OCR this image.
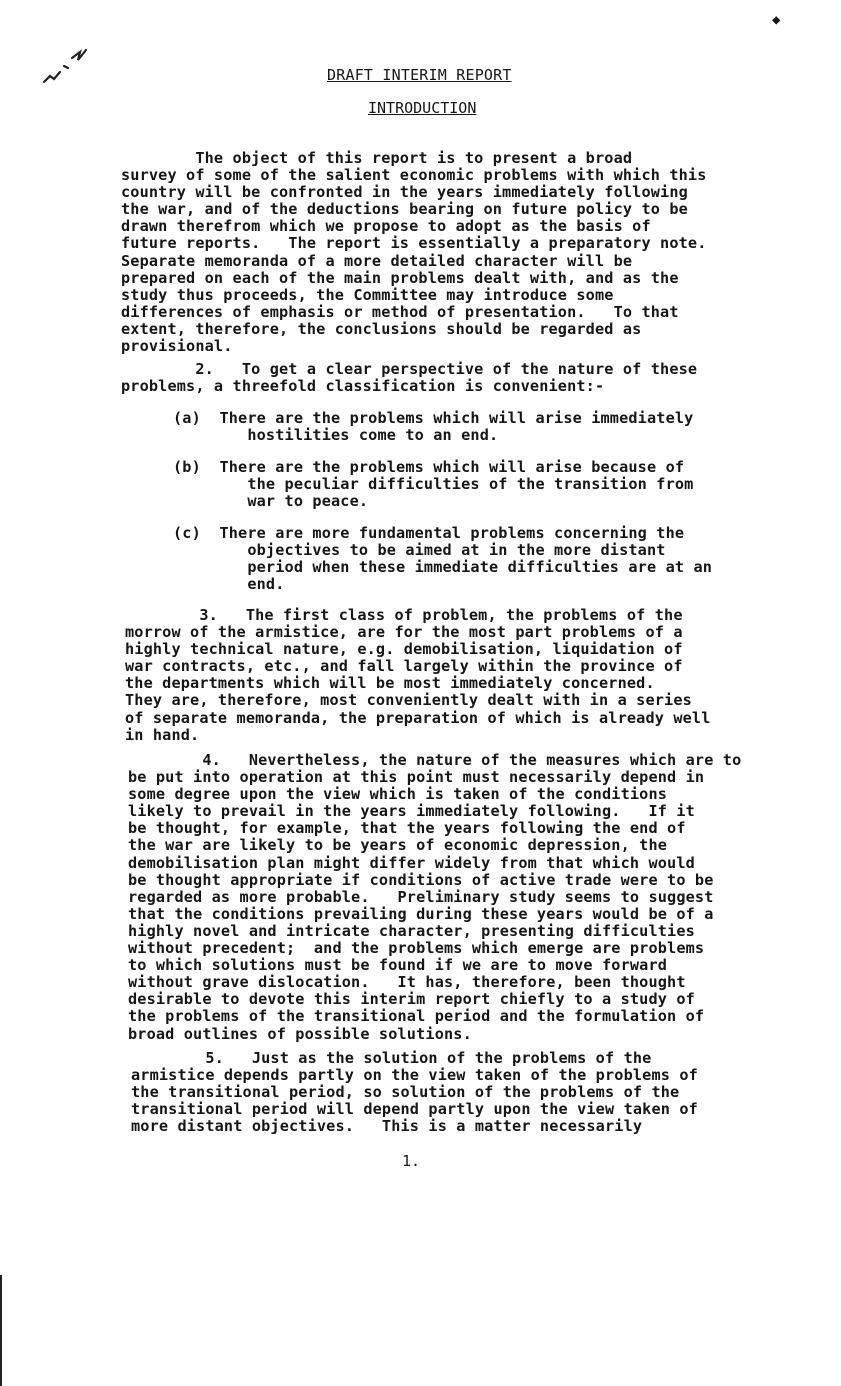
◆
DRAFT INTERIM REPORT
INTRODUCTION
The object of this report is to present a broad
survey of some of the salient economic problems with which this
country will be confronted in the years immediately following
the war, and of the deductions bearing on future policy to be
drawn therefrom which we propose to adopt as the basis of
future reports.   The report is essentially a preparatory note.
Separate memoranda of a more detailed character will be
prepared on each of the main problems dealt with, and as the
study thus proceeds, the Committee may introduce some
differences of emphasis or method of presentation.   To that
extent, therefore, the conclusions should be regarded as
provisional.
2.   To get a clear perspective of the nature of these
problems, a threefold classification is convenient:-
(a)  There are the problems which will arise immediately
hostilities come to an end.
(b)  There are the problems which will arise because of
the peculiar difficulties of the transition from
war to peace.
(c)  There are more fundamental problems concerning the
objectives to be aimed at in the more distant
period when these immediate difficulties are at an
end.
3.   The first class of problem, the problems of the
morrow of the armistice, are for the most part problems of a
highly technical nature, e.g. demobilisation, liquidation of
war contracts, etc., and fall largely within the province of
the departments which will be most immediately concerned.
They are, therefore, most conveniently dealt with in a series
of separate memoranda, the preparation of which is already well
in hand.
4.   Nevertheless, the nature of the measures which are to
be put into operation at this point must necessarily depend in
some degree upon the view which is taken of the conditions
likely to prevail in the years immediately following.   If it
be thought, for example, that the years following the end of
the war are likely to be years of economic depression, the
demobilisation plan might differ widely from that which would
be thought appropriate if conditions of active trade were to be
regarded as more probable.   Preliminary study seems to suggest
that the conditions prevailing during these years would be of a
highly novel and intricate character, presenting difficulties
without precedent;  and the problems which emerge are problems
to which solutions must be found if we are to move forward
without grave dislocation.   It has, therefore, been thought
desirable to devote this interim report chiefly to a study of
the problems of the transitional period and the formulation of
broad outlines of possible solutions.
5.   Just as the solution of the problems of the
armistice depends partly on the view taken of the problems of
the transitional period, so solution of the problems of the
transitional period will depend partly upon the view taken of
more distant objectives.   This is a matter necessarily
1.
